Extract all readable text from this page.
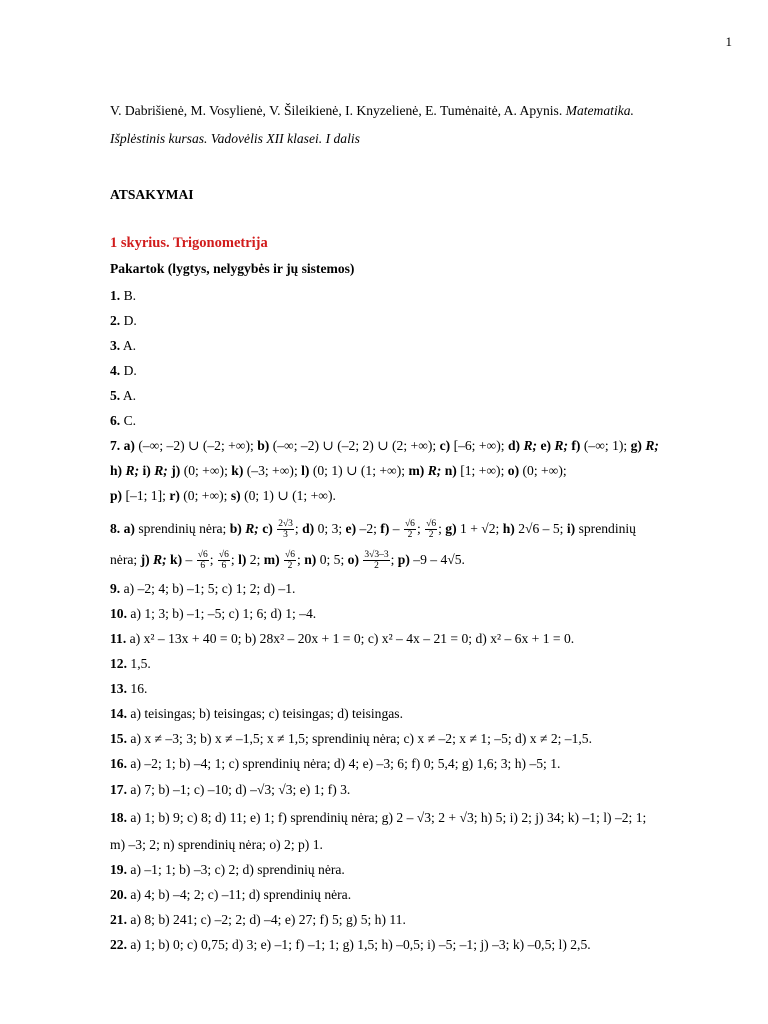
1

V. Dabrišienė, M. Vosylienė, V. Šileikienė, I. Knyzelienė, E. Tumėnaitė, A. Apynis. Matematika.
Išplėstinis kursas. Vadovėlis XII klasei. I dalis

ATSAKYMAI

1 skyrius. Trigonometrija

Pakartok (lygtys, nelygybės ir jų sistemos)

1. B.

2. D.

3. A.

4. D.

5. A.

6. C.

7. a) (–∞; –2) ∪ (–2; +∞); b) (–∞; –2) ∪ (–2; 2) ∪ (2; +∞); c) [–6; +∞); d) R; e) R; f) (–∞; 1); g) R;

h) R; i) R; j) (0; +∞); k) (–3; +∞); l) (0; 1) ∪ (1; +∞); m) R; n) [1; +∞); o) (0; +∞);

p) [–1; 1]; r) (0; +∞); s) (0; 1) ∪ (1; +∞).

8. a) sprendinių nėra; b) R; $c) \frac{2√3}{3}$ ; d) 0; 3; e) –2; $f) - \frac{√6}{2}$ ; $\frac{√6}{2}$ ; g) 1 + √2; h) 2√6 – 5; i) sprendinių

nėra; j) R; $k) - \frac{√6}{6}$ ; $\frac{√6}{6}$ ; l) 2; $m) \frac{√6}{2}$ ; n) 0; 5; $o) \frac{3√3-3}{2}$ ; p) –9 – 4√5.

9. a) –2; 4; b) –1; 5; c) 1; 2; d) –1.

10. a) 1; 3; b) –1; –5; c) 1; 6; d) 1; –4.

11. a) x² – 13x + 40 = 0; b) 28x² – 20x + 1 = 0; c) x² – 4x – 21 = 0; d) x² – 6x + 1 = 0.

12. 1,5.

13. 16.

14. a) teisingas; b) teisingas; c) teisingas; d) teisingas.

15. a) x ≠ –3; 3; b) x ≠ –1,5; x ≠ 1,5; sprendinių nėra; c) x ≠ –2; x ≠ 1; –5; d) x ≠ 2; –1,5.

16. a) –2; 1; b) –4; 1; c) sprendinių nėra; d) 4; e) –3; 6; f) 0; 5,4; g) 1,6; 3; h) –5; 1.

17. a) 7; b) –1; c) –10; d) –√3; √3; e) 1; f) 3.

18. a) 1; b) 9; c) 8; d) 11; e) 1; f) sprendinių nėra; g) 2 – √3; 2 + √3; h) 5; i) 2; j) 34; k) –1; l) –2; 1;

m) –3; 2; n) sprendinių nėra; o) 2; p) 1.

19. a) –1; 1; b) –3; c) 2; d) sprendinių nėra.

20. a) 4; b) –4; 2; c) –11; d) sprendinių nėra.

21. a) 8; b) 241; c) –2; 2; d) –4; e) 27; f) 5; g) 5; h) 11.

22. a) 1; b) 0; c) 0,75; d) 3; e) –1; f) –1; 1; g) 1,5; h) –0,5; i) –5; –1; j) –3; k) –0,5; l) 2,5.
